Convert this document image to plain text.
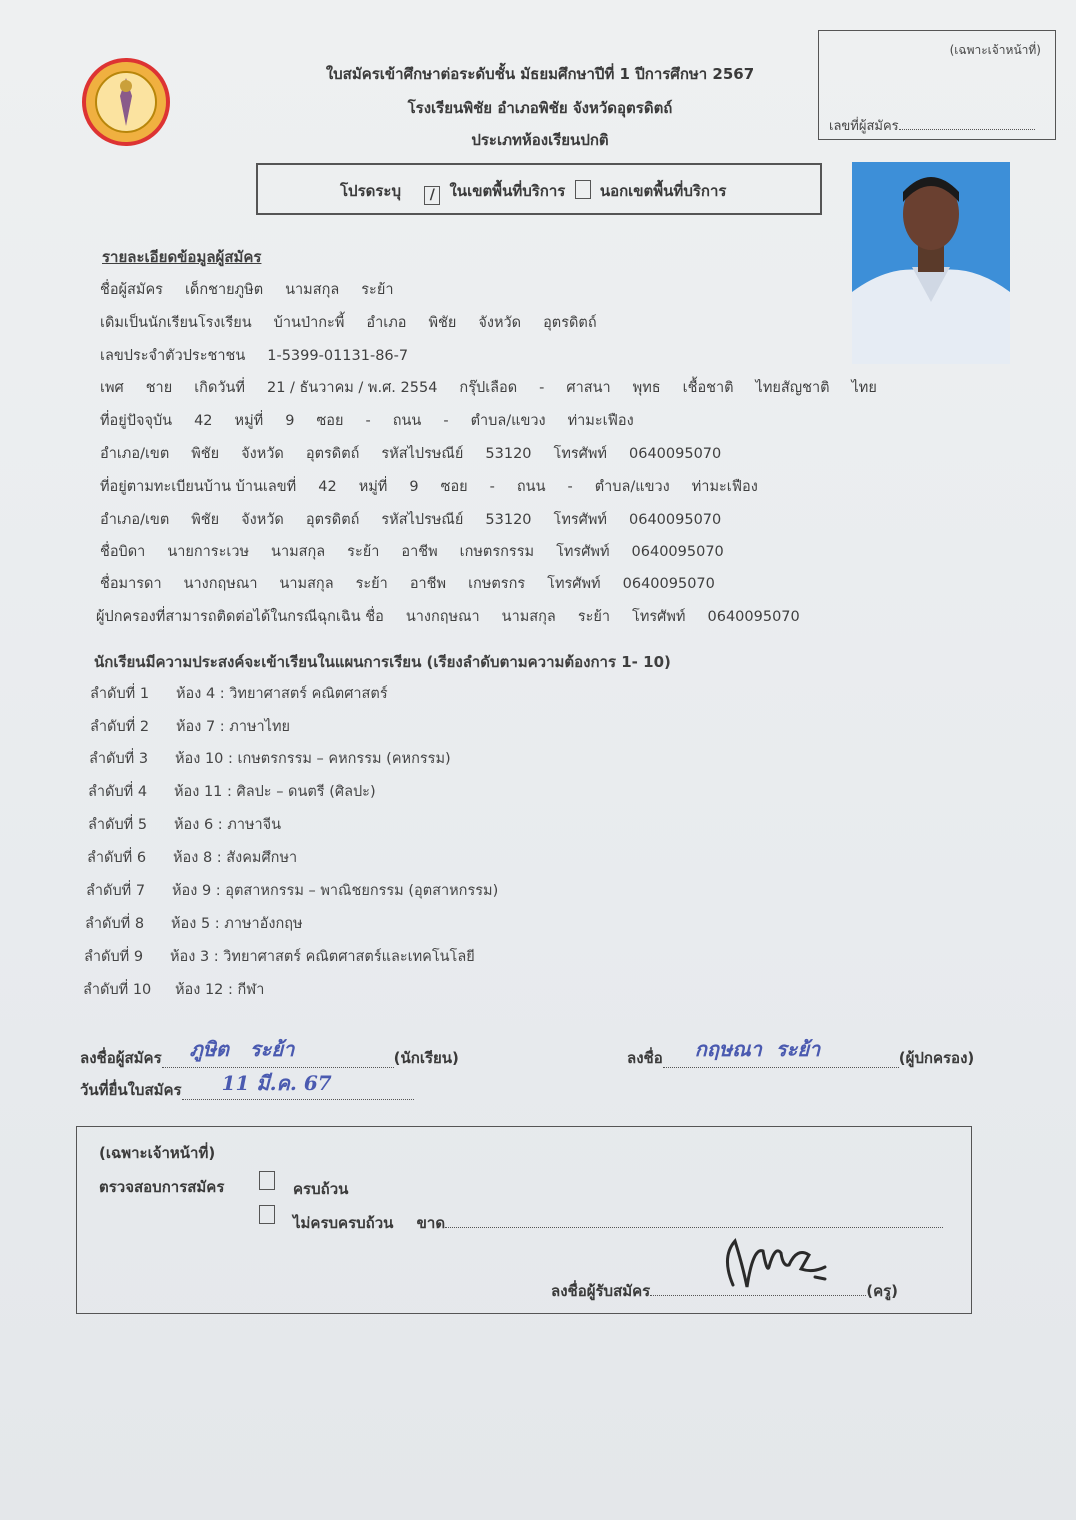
ใบสมัครเข้าศึกษาต่อระดับชั้น มัธยมศึกษาปีที่ 1 ปีการศึกษา 2567
โรงเรียนพิชัย อำเภอพิชัย จังหวัดอุตรดิตถ์
ประเภทห้องเรียนปกติ
(เฉพาะเจ้าหน้าที่)
เลขที่ผู้สมัคร
โปรดระบุ / ในเขตพื้นที่บริการ นอกเขตพื้นที่บริการ
รายละเอียดข้อมูลผู้สมัคร
ชื่อผู้สมัคร เด็กชายภูษิต นามสกุล ระย้า
เดิมเป็นนักเรียนโรงเรียน บ้านป่ากะพี้ อำเภอ พิชัย จังหวัด อุตรดิตถ์
เลขประจำตัวประชาชน 1-5399-01131-86-7
เพศ ชาย เกิดวันที่ 21 / ธันวาคม / พ.ศ. 2554 กรุ๊ปเลือด - ศาสนา พุทธ เชื้อชาติ ไทยสัญชาติ ไทย
ที่อยู่ปัจจุบัน 42 หมู่ที่ 9 ซอย - ถนน - ตำบล/แขวง ท่ามะเฟือง
อำเภอ/เขต พิชัย จังหวัด อุตรดิตถ์ รหัสไปรษณีย์ 53120 โทรศัพท์ 0640095070
ที่อยู่ตามทะเบียนบ้าน บ้านเลขที่ 42 หมู่ที่ 9 ซอย - ถนน - ตำบล/แขวง ท่ามะเฟือง
อำเภอ/เขต พิชัย จังหวัด อุตรดิตถ์ รหัสไปรษณีย์ 53120 โทรศัพท์ 0640095070
ชื่อบิดา นายการะเวษ นามสกุล ระย้า อาชีพ เกษตรกรรม โทรศัพท์ 0640095070
ชื่อมารดา นางกฤษณา นามสกุล ระย้า อาชีพ เกษตรกร โทรศัพท์ 0640095070
ผู้ปกครองที่สามารถติดต่อได้ในกรณีฉุกเฉิน ชื่อ นางกฤษณา นามสกุล ระย้า โทรศัพท์ 0640095070
นักเรียนมีความประสงค์จะเข้าเรียนในแผนการเรียน (เรียงลำดับตามความต้องการ 1- 10)
ลำดับที่ 1 ห้อง 4 : วิทยาศาสตร์ คณิตศาสตร์
ลำดับที่ 2 ห้อง 7 : ภาษาไทย
ลำดับที่ 3 ห้อง 10 : เกษตรกรรม – คหกรรม (คหกรรม)
ลำดับที่ 4 ห้อง 11 : ศิลปะ – ดนตรี (ศิลปะ)
ลำดับที่ 5 ห้อง 6 : ภาษาจีน
ลำดับที่ 6 ห้อง 8 : สังคมศึกษา
ลำดับที่ 7 ห้อง 9 : อุตสาหกรรม – พาณิชยกรรม (อุตสาหกรรม)
ลำดับที่ 8 ห้อง 5 : ภาษาอังกฤษ
ลำดับที่ 9 ห้อง 3 : วิทยาศาสตร์ คณิตศาสตร์และเทคโนโลยี
ลำดับที่ 10 ห้อง 12 : กีฬา
ลงชื่อผู้สมัคร ภูษิต   ระย้า	(นักเรียน)
วันที่ยื่นใบสมัคร 11 มี.ค. 67

ลงชื่อ กฤษณา  ระย้า	(ผู้ปกครอง)
(เฉพาะเจ้าหน้าที่)
ตรวจสอบการสมัคร	ครบถ้วน
ไม่ครบครบถ้วน ขาด
ลงชื่อผู้รับสมัคร	(ครู)
